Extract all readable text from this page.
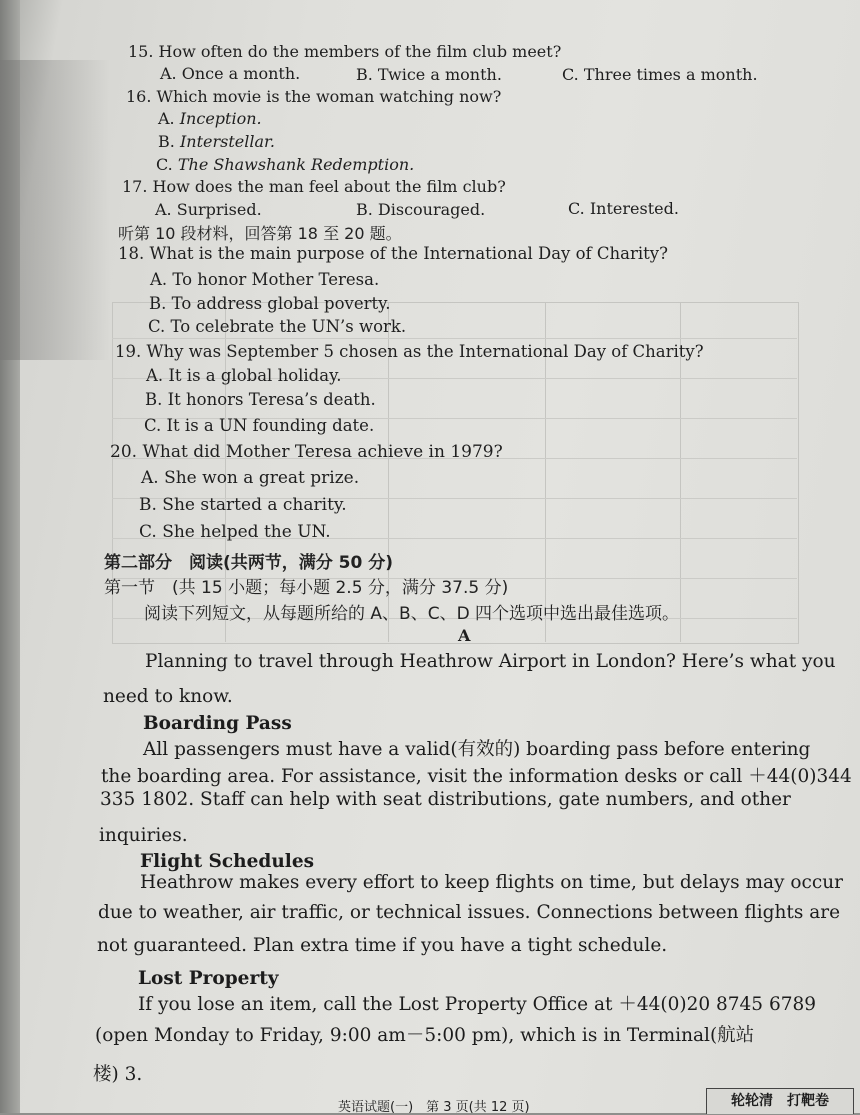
15. How often do the members of the film club meet?
A. Once a month.	B. Twice a month.	C. Three times a month.
16. Which movie is the woman watching now?
A. Inception.
B. Interstellar.
C. The Shawshank Redemption.
17. How does the man feel about the film club?
A. Surprised.	B. Discouraged.	C. Interested.
听第 10 段材料，回答第 18 至 20 题。
18. What is the main purpose of the International Day of Charity?
A. To honor Mother Teresa.
B. To address global poverty.
C. To celebrate the UN’s work.
19. Why was September 5 chosen as the International Day of Charity?
A. It is a global holiday.
B. It honors Teresa’s death.
C. It is a UN founding date.
20. What did Mother Teresa achieve in 1979?
A. She won a great prize.
B. She started a charity.
C. She helped the UN.
第二部分　阅读(共两节，满分 50 分)
第一节　(共 15 小题；每小题 2.5 分，满分 37.5 分)
阅读下列短文，从每题所给的 A、B、C、D 四个选项中选出最佳选项。
A
Planning to travel through Heathrow Airport in London? Here’s what you
need to know.
Boarding Pass
All passengers must have a valid(有效的) boarding pass before entering
the boarding area. For assistance, visit the information desks or call ＋44(0)344
335 1802. Staff can help with seat distributions, gate numbers, and other
inquiries.
Flight Schedules
Heathrow makes every effort to keep flights on time, but delays may occur
due to weather, air traffic, or technical issues. Connections between flights are
not guaranteed. Plan extra time if you have a tight schedule.
Lost Property
If you lose an item, call the Lost Property Office at ＋44(0)20 8745 6789
(open Monday to Friday, 9:00 am－5:00 pm), which is in Terminal(航站
楼) 3.
英语试题(一)　第 3 页(共 12 页)	轮轮清　打靶卷
